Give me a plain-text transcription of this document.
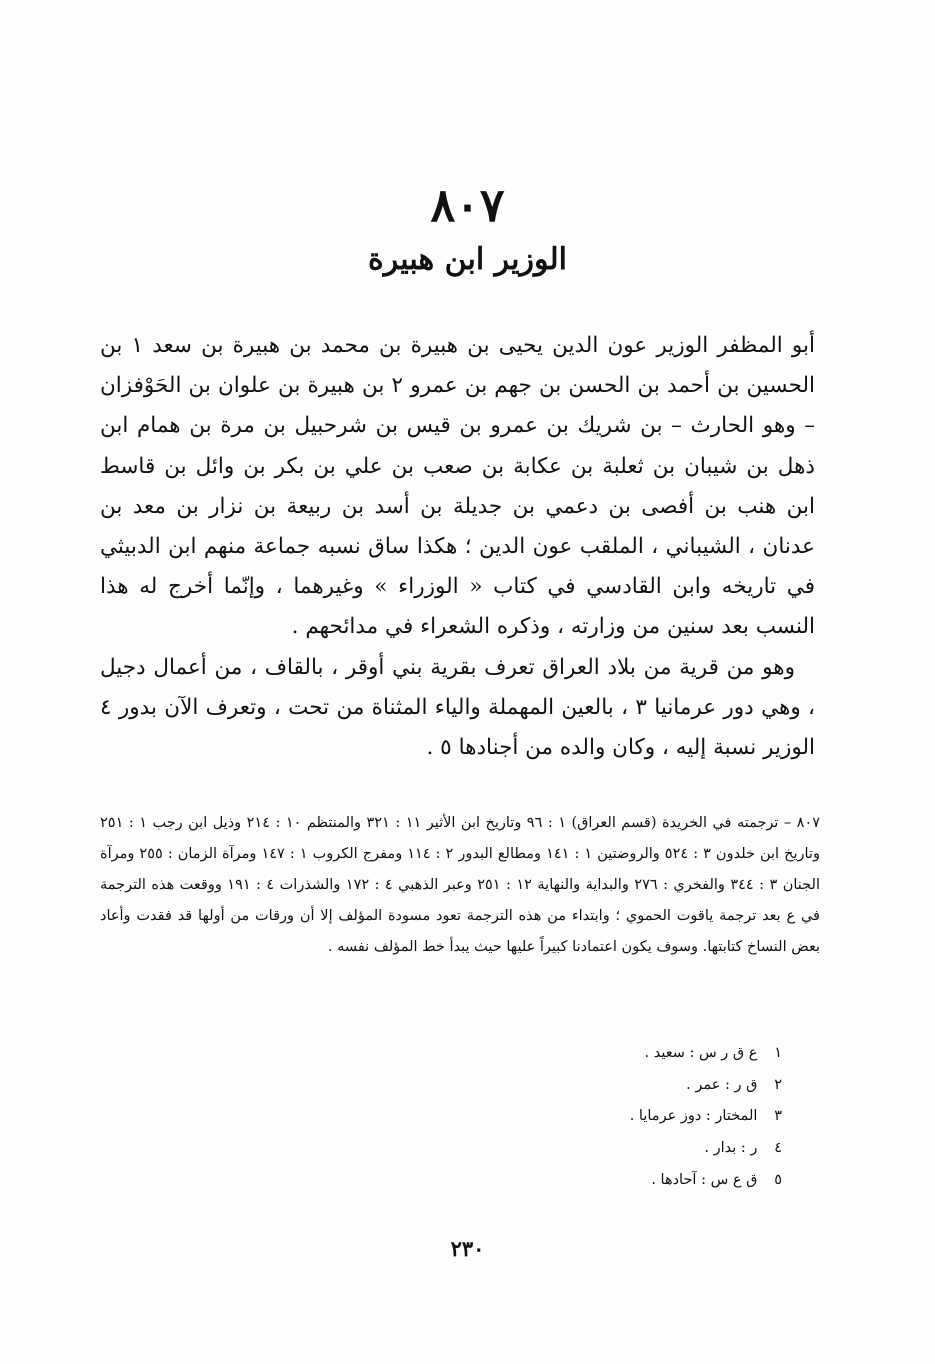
٨٠٧
الوزير ابن هبيرة

أبو المظفر الوزير عون الدين يحيى بن هبيرة بن محمد بن هبيرة بن سعد ١ بن الحسين بن أحمد بن الحسن بن جهم بن عمرو ٢ بن هبيرة بن علوان بن الحَوْفزان – وهو الحارث – بن شريك بن عمرو بن قيس بن شرحبيل بن مرة بن همام ابن ذهل بن شيبان بن ثعلبة بن عكابة بن صعب بن علي بن بكر بن وائل بن قاسط ابن هنب بن أفصى بن دعمي بن جديلة بن أسد بن ربيعة بن نزار بن معد بن عدنان ، الشيباني ، الملقب عون الدين ؛ هكذا ساق نسبه جماعة منهم ابن الدبيثي في تاريخه وابن القادسي في كتاب « الوزراء » وغيرهما ، وإنّما أخرج له هذا النسب بعد سنين من وزارته ، وذكره الشعراء في مدائحهم .

وهو من قرية من بلاد العراق تعرف بقرية بني أوقر ، بالقاف ، من أعمال دجيل ، وهي دور عرمانيا ٣ ، بالعين المهملة والياء المثناة من تحت ، وتعرف الآن بدور ٤ الوزير نسبة إليه ، وكان والده من أجنادها ٥ .

٨٠٧ – ترجمته في الخريدة (قسم العراق) ١ : ٩٦ وتاريخ ابن الأثير ١١ : ٣٢١ والمنتظم ١٠ : ٢١٤ وذيل ابن رجب ١ : ٢٥١ وتاريخ ابن خلدون ٣ : ٥٢٤ والروضتين ١ : ١٤١ ومطالع البدور ٢ : ١١٤ ومفرج الكروب ١ : ١٤٧ ومرآة الزمان : ٢٥٥ ومرآة الجنان ٣ : ٣٤٤ والفخري : ٢٧٦ والبداية والنهاية ١٢ : ٢٥١ وعبر الذهبي ٤ : ١٧٢ والشذرات ٤ : ١٩١ ووقعت هذه الترجمة في ع بعد ترجمة ياقوت الحموي ؛ وابتداء من هذه الترجمة تعود مسودة المؤلف إلا أن ورقات من أولها قد فقدت وأعاد بعض النساخ كتابتها. وسوف يكون اعتمادنا كبيراً عليها حيث يبدأ خط المؤلف نفسه .

١ ع ق ر س : سعيد .
٢ ق ر : عمر .
٣ المختار : دوز عرمايا .
٤ ر : بدار .
٥ ق ع س : آحادها .
٢٣٠
